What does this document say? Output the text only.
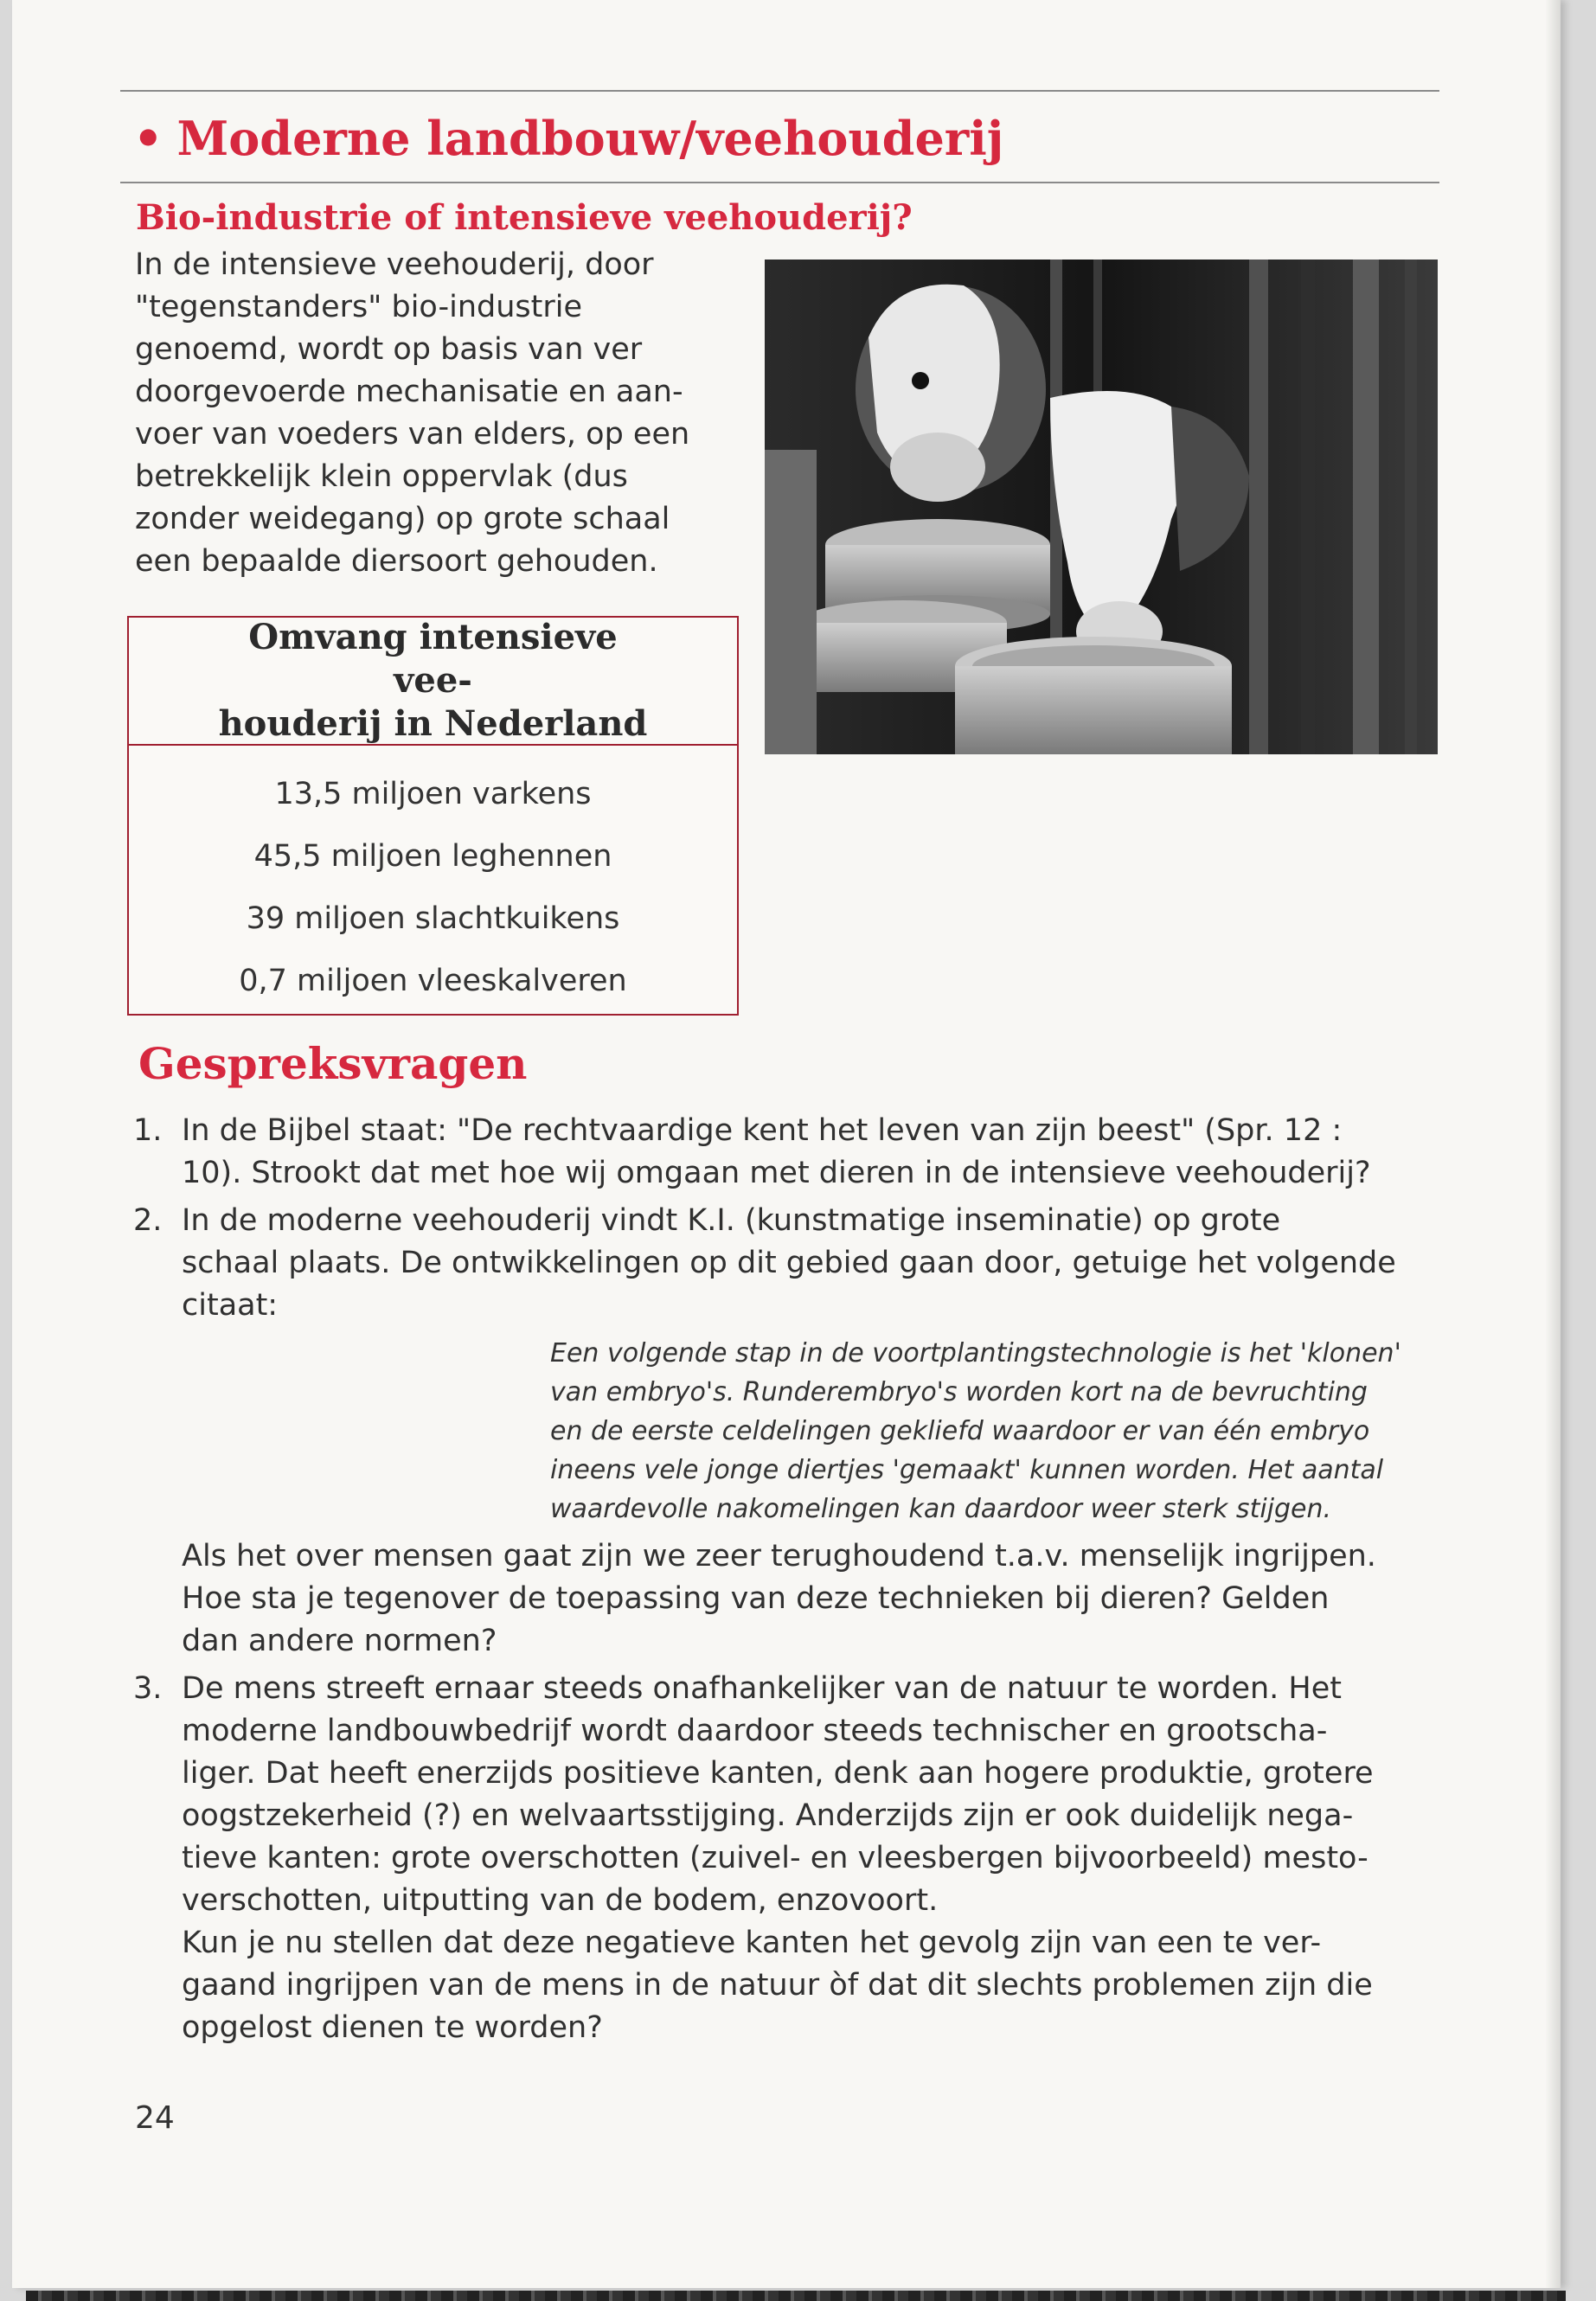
• Moderne landbouw/veehouderij
Bio-industrie of intensieve veehouderij?
In de intensieve veehouderij, door
"tegenstanders" bio-industrie
genoemd, wordt op basis van ver
doorgevoerde mechanisatie en aan-
voer van voeders van elders, op een
betrekkelijk klein oppervlak (dus
zonder weidegang) op grote schaal
een bepaalde diersoort gehouden.
Omvang intensieve vee-
houderij in Nederland
13,5 miljoen varkens
45,5 miljoen leghennen
39 miljoen slachtkuikens
0,7 miljoen vleeskalveren
Gespreksvragen
1. In de Bijbel staat: "De rechtvaardige kent het leven van zijn beest" (Spr. 12 :
10). Strookt dat met hoe wij omgaan met dieren in de intensieve veehouderij?
2. In de moderne veehouderij vindt K.I. (kunstmatige inseminatie) op grote
schaal plaats. De ontwikkelingen op dit gebied gaan door, getuige het volgende
citaat:
Een volgende stap in de voortplantingstechnologie is het 'klonen'
van embryo's. Runderembryo's worden kort na de bevruchting
en de eerste celdelingen gekliefd waardoor er van één embryo
ineens vele jonge diertjes 'gemaakt' kunnen worden. Het aantal
waardevolle nakomelingen kan daardoor weer sterk stijgen.
Als het over mensen gaat zijn we zeer terughoudend t.a.v. menselijk ingrijpen.
Hoe sta je tegenover de toepassing van deze technieken bij dieren? Gelden
dan andere normen?
3. De mens streeft ernaar steeds onafhankelijker van de natuur te worden. Het
moderne landbouwbedrijf wordt daardoor steeds technischer en grootscha-
liger. Dat heeft enerzijds positieve kanten, denk aan hogere produktie, grotere
oogstzekerheid (?) en welvaartsstijging. Anderzijds zijn er ook duidelijk nega-
tieve kanten: grote overschotten (zuivel- en vleesbergen bijvoorbeeld) mesto-
verschotten, uitputting van de bodem, enzovoort.
Kun je nu stellen dat deze negatieve kanten het gevolg zijn van een te ver-
gaand ingrijpen van de mens in de natuur òf dat dit slechts problemen zijn die
opgelost dienen te worden?
24
